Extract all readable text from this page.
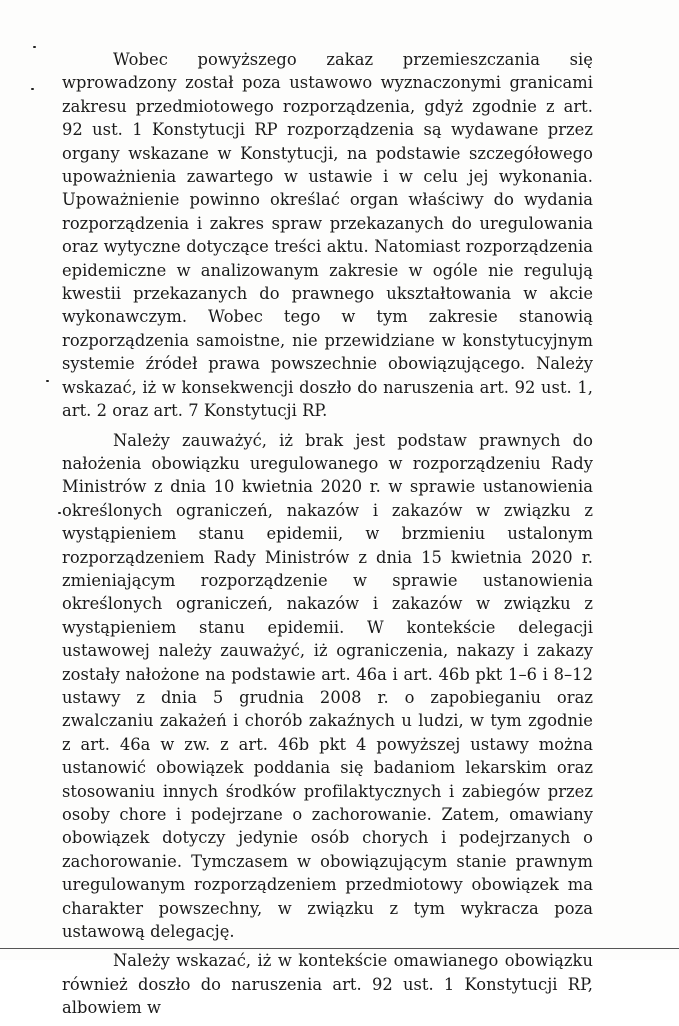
Wobec powyższego zakaz przemieszczania się wprowadzony został poza ustawowo wyznaczonymi granicami zakresu przedmiotowego rozporządzenia, gdyż zgodnie z art. 92 ust. 1 Konstytucji RP rozporządzenia są wydawane przez organy wskazane w Konstytucji, na podstawie szczegółowego upoważnienia zawartego w ustawie i w celu jej wykonania. Upoważnienie powinno określać organ właściwy do wydania rozporządzenia i zakres spraw przekazanych do uregulowania oraz wytyczne dotyczące treści aktu. Natomiast rozporządzenia epidemiczne w analizowanym zakresie w ogóle nie regulują kwestii przekazanych do prawnego ukształtowania w akcie wykonawczym. Wobec tego w tym zakresie stanowią rozporządzenia samoistne, nie przewidziane w konstytucyjnym systemie źródeł prawa powszechnie obowiązującego. Należy wskazać, iż w konsekwencji doszło do naruszenia art. 92 ust. 1, art. 2 oraz art. 7 Konstytucji RP.

Należy zauważyć, iż brak jest podstaw prawnych do nałożenia obowiązku uregulowanego w rozporządzeniu Rady Ministrów z dnia 10 kwietnia 2020 r. w sprawie ustanowienia określonych ograniczeń, nakazów i zakazów w związku z wystąpieniem stanu epidemii, w brzmieniu ustalonym rozporządzeniem Rady Ministrów z dnia 15 kwietnia 2020 r. zmieniającym rozporządzenie w sprawie ustanowienia określonych ograniczeń, nakazów i zakazów w związku z wystąpieniem stanu epidemii. W kontekście delegacji ustawowej należy zauważyć, iż ograniczenia, nakazy i zakazy zostały nałożone na podstawie art. 46a i art. 46b pkt 1–6 i 8–12 ustawy z dnia 5 grudnia 2008 r. o zapobieganiu oraz zwalczaniu zakażeń i chorób zakaźnych u ludzi, w tym zgodnie z art. 46a w zw. z art. 46b pkt 4 powyższej ustawy można ustanowić obowiązek poddania się badaniom lekarskim oraz stosowaniu innych środków profilaktycznych i zabiegów przez osoby chore i podejrzane o zachorowanie. Zatem, omawiany obowiązek dotyczy jedynie osób chorych i podejrzanych o zachorowanie. Tymczasem w obowiązującym stanie prawnym uregulowanym rozporządzeniem przedmiotowy obowiązek ma charakter powszechny, w związku z tym wykracza poza ustawową delegację.

Należy wskazać, iż w kontekście omawianego obowiązku również doszło do naruszenia art. 92 ust. 1 Konstytucji RP, albowiem w
